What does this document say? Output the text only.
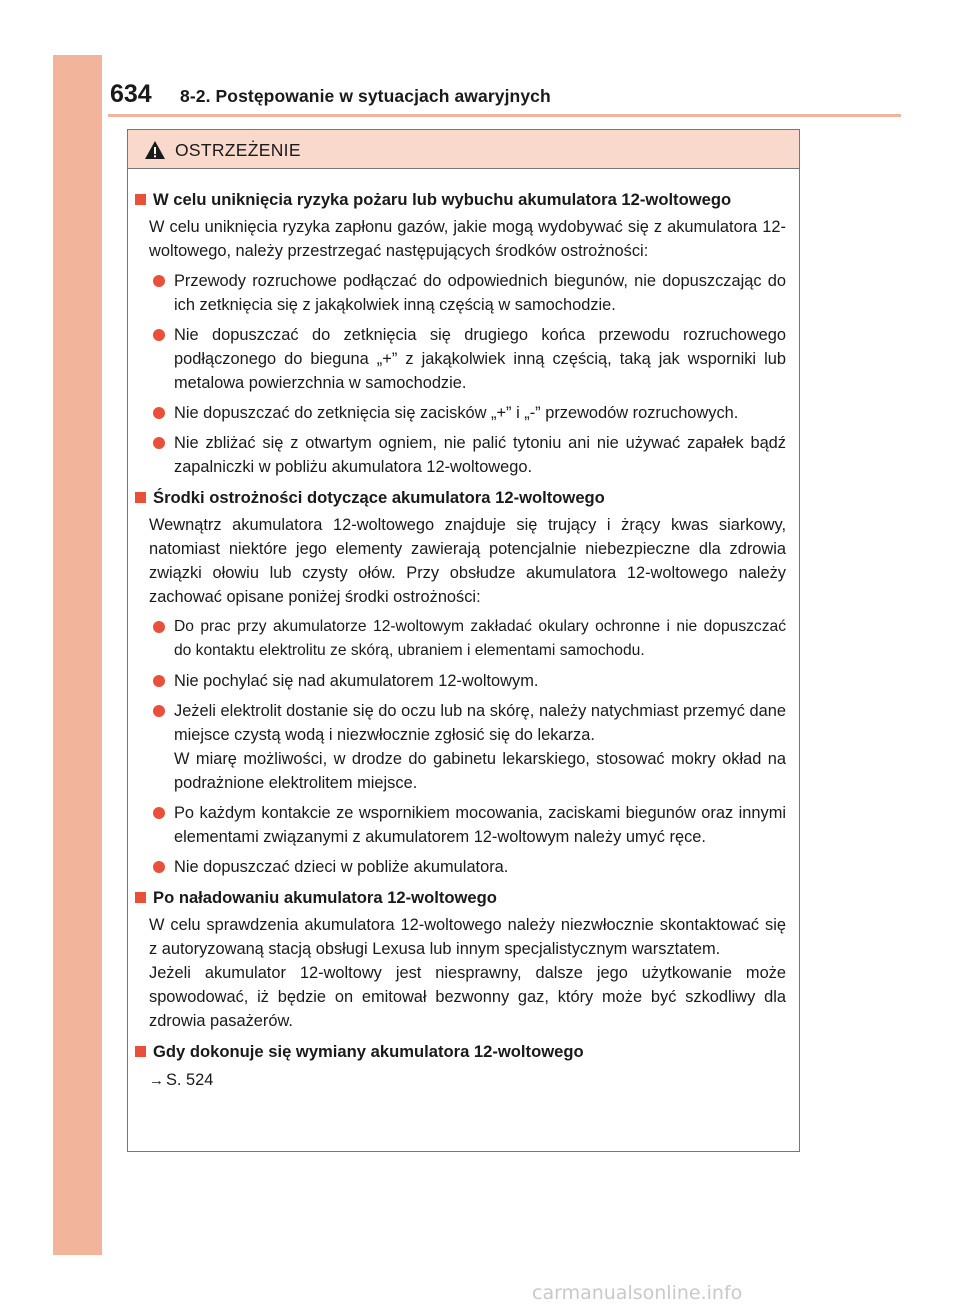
634 8-2. Postępowanie w sytuacjach awaryjnych
OSTRZEŻENIE
W celu uniknięcia ryzyka pożaru lub wybuchu akumulatora 12-woltowego
W celu uniknięcia ryzyka zapłonu gazów, jakie mogą wydobywać się z akumulatora 12-woltowego, należy przestrzegać następujących środków ostrożności:
Przewody rozruchowe podłączać do odpowiednich biegunów, nie dopuszczając do ich zetknięcia się z jakąkolwiek inną częścią w samochodzie.
Nie dopuszczać do zetknięcia się drugiego końca przewodu rozruchowego podłączonego do bieguna „+” z jakąkolwiek inną częścią, taką jak wsporniki lub metalowa powierzchnia w samochodzie.
Nie dopuszczać do zetknięcia się zacisków „+” i „-” przewodów rozruchowych.
Nie zbliżać się z otwartym ogniem, nie palić tytoniu ani nie używać zapałek bądź zapalniczki w pobliżu akumulatora 12-woltowego.
Środki ostrożności dotyczące akumulatora 12-woltowego
Wewnątrz akumulatora 12-woltowego znajduje się trujący i żrący kwas siarkowy, natomiast niektóre jego elementy zawierają potencjalnie niebezpieczne dla zdrowia związki ołowiu lub czysty ołów. Przy obsłudze akumulatora 12-woltowego należy zachować opisane poniżej środki ostrożności:
Do prac przy akumulatorze 12-woltowym zakładać okulary ochronne i nie dopuszczać do kontaktu elektrolitu ze skórą, ubraniem i elementami samochodu.
Nie pochylać się nad akumulatorem 12-woltowym.
Jeżeli elektrolit dostanie się do oczu lub na skórę, należy natychmiast przemyć dane miejsce czystą wodą i niezwłocznie zgłosić się do lekarza.
W miarę możliwości, w drodze do gabinetu lekarskiego, stosować mokry okład na podrażnione elektrolitem miejsce.
Po każdym kontakcie ze wspornikiem mocowania, zaciskami biegunów oraz innymi elementami związanymi z akumulatorem 12-woltowym należy umyć ręce.
Nie dopuszczać dzieci w pobliże akumulatora.
Po naładowaniu akumulatora 12-woltowego
W celu sprawdzenia akumulatora 12-woltowego należy niezwłocznie skontaktować się z autoryzowaną stacją obsługi Lexusa lub innym specjalistycznym warsztatem.
Jeżeli akumulator 12-woltowy jest niesprawny, dalsze jego użytkowanie może spowodować, iż będzie on emitował bezwonny gaz, który może być szkodliwy dla zdrowia pasażerów.
Gdy dokonuje się wymiany akumulatora 12-woltowego
→ S. 524
carmanualsonline.info
